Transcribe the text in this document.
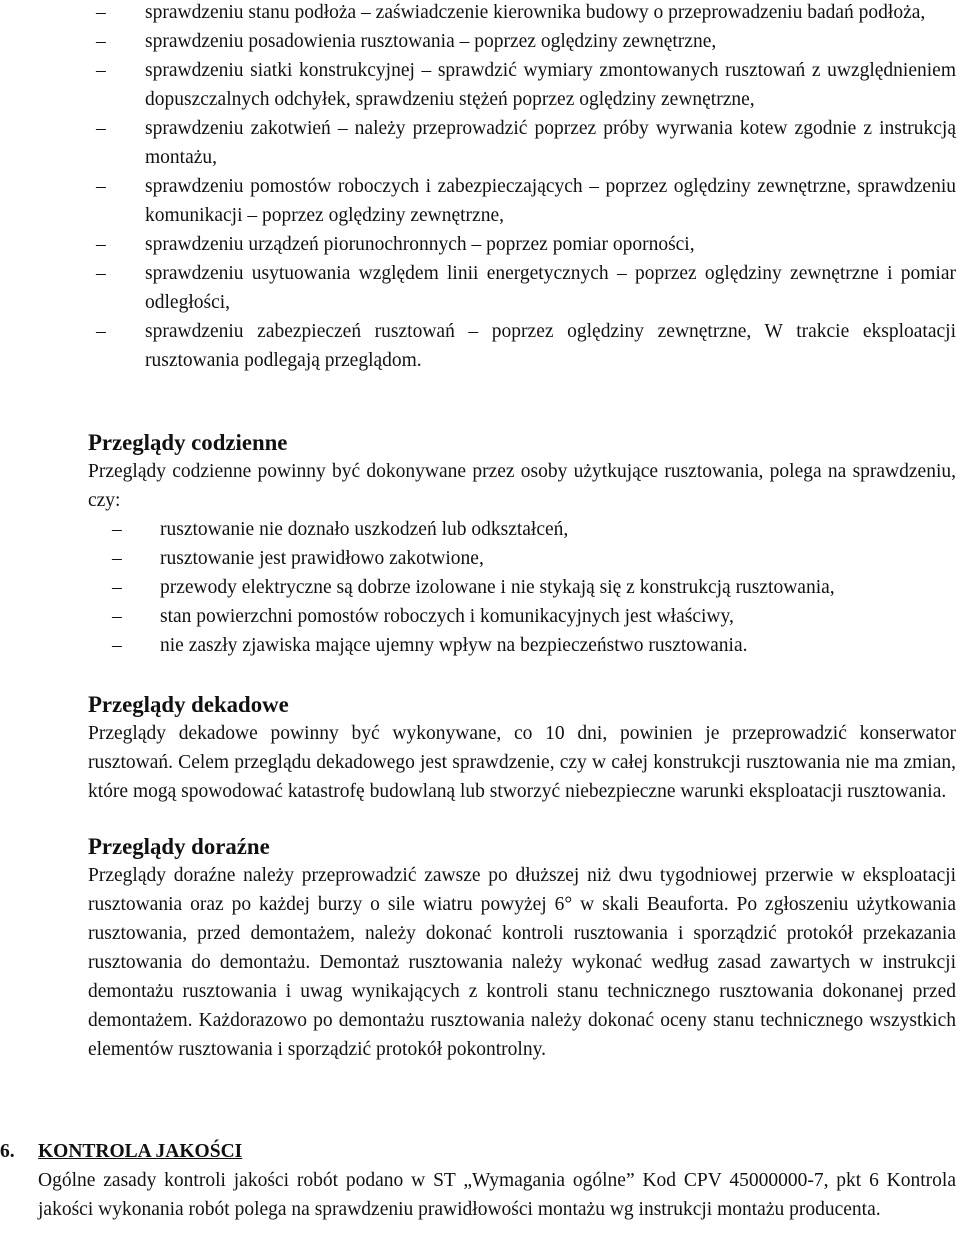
– sprawdzeniu stanu podłoża – zaświadczenie kierownika budowy o przeprowadzeniu badań podłoża,
– sprawdzeniu posadowienia rusztowania – poprzez oględziny zewnętrzne,
– sprawdzeniu siatki konstrukcyjnej – sprawdzić wymiary zmontowanych rusztowań z uwzględnieniem dopuszczalnych odchyłek, sprawdzeniu stężeń poprzez oględziny zewnętrzne,
– sprawdzeniu zakotwień – należy przeprowadzić poprzez próby wyrwania kotew zgodnie z instrukcją montażu,
– sprawdzeniu pomostów roboczych i zabezpieczających – poprzez oględziny zewnętrzne, sprawdzeniu komunikacji – poprzez oględziny zewnętrzne,
– sprawdzeniu urządzeń piorunochronnych – poprzez pomiar oporności,
– sprawdzeniu usytuowania względem linii energetycznych – poprzez oględziny zewnętrzne i pomiar odległości,
– sprawdzeniu zabezpieczeń rusztowań – poprzez oględziny zewnętrzne, W trakcie eksploatacji rusztowania podlegają przeglądom.
Przeglądy codzienne

Przeglądy codzienne powinny być dokonywane przez osoby użytkujące rusztowania, polega na sprawdzeniu, czy:

– rusztowanie nie doznało uszkodzeń lub odkształceń,
– rusztowanie jest prawidłowo zakotwione,
– przewody elektryczne są dobrze izolowane i nie stykają się z konstrukcją rusztowania,
– stan powierzchni pomostów roboczych i komunikacyjnych jest właściwy,
– nie zaszły zjawiska mające ujemny wpływ na bezpieczeństwo rusztowania.
Przeglądy dekadowe

Przeglądy dekadowe powinny być wykonywane, co 10 dni, powinien je przeprowadzić konserwator rusztowań. Celem przeglądu dekadowego jest sprawdzenie, czy w całej konstrukcji rusztowania nie ma zmian, które mogą spowodować katastrofę budowlaną lub stworzyć niebezpieczne warunki eksploatacji rusztowania.

Przeglądy doraźne

Przeglądy doraźne należy przeprowadzić zawsze po dłuższej niż dwu tygodniowej przerwie w eksploatacji rusztowania oraz po każdej burzy o sile wiatru powyżej 6° w skali Beauforta. Po zgłoszeniu użytkowania rusztowania, przed demontażem, należy dokonać kontroli rusztowania i sporządzić protokół przekazania rusztowania do demontażu. Demontaż rusztowania należy wykonać według zasad zawartych w instrukcji demontażu rusztowania i uwag wynikających z kontroli stanu technicznego rusztowania dokonanej przed demontażem. Każdorazowo po demontażu rusztowania należy dokonać oceny stanu technicznego wszystkich elementów rusztowania i sporządzić protokół pokontrolny.

6.	KONTROLA JAKOŚCI

Ogólne zasady kontroli jakości robót podano w ST „Wymagania ogólne” Kod CPV 45000000-7, pkt 6 Kontrola jakości wykonania robót polega na sprawdzeniu prawidłowości montażu wg instrukcji montażu producenta.
